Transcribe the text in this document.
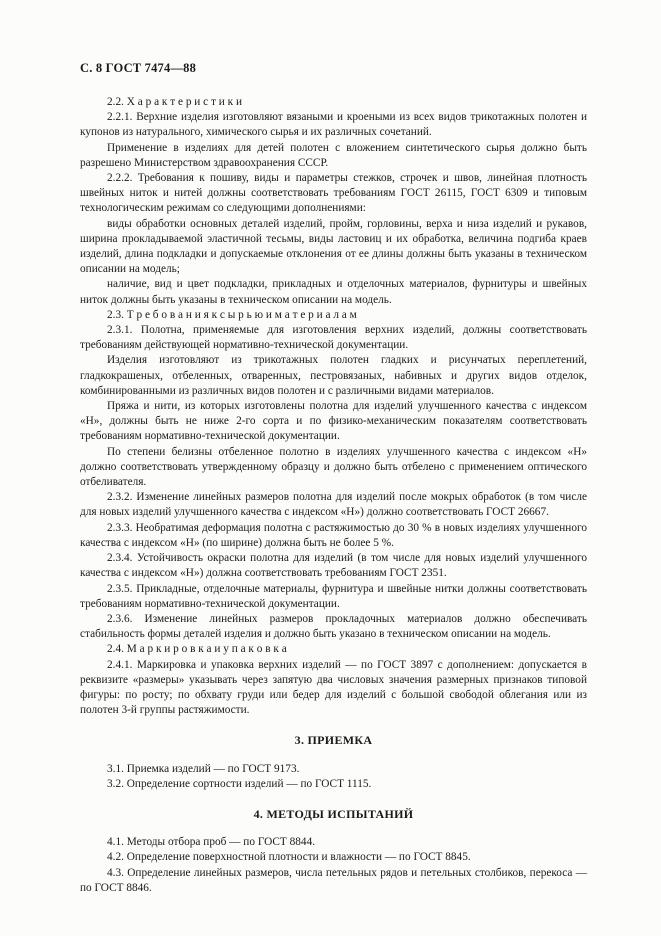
С. 8 ГОСТ 7474—88

2.2. Х а р а к т е р и с т и к и

2.2.1. Верхние изделия изготовляют вязаными и кроеными из всех видов трикотажных полотен и купонов из натурального, химического сырья и их различных сочетаний.

Применение в изделиях для детей полотен с вложением синтетического сырья должно быть разрешено Министерством здравоохранения СССР.

2.2.2. Требования к пошиву, виды и параметры стежков, строчек и швов, линейная плотность швейных ниток и нитей должны соответствовать требованиям ГОСТ 26115, ГОСТ 6309 и типовым технологическим режимам со следующими дополнениями:

виды обработки основных деталей изделий, пройм, горловины, верха и низа изделий и рукавов, ширина прокладываемой эластичной тесьмы, виды ластовиц и их обработка, величина подгиба краев изделий, длина подкладки и допускаемые отклонения от ее длины должны быть указаны в техническом описании на модель;

наличие, вид и цвет подкладки, прикладных и отделочных материалов, фурнитуры и швейных ниток должны быть указаны в техническом описании на модель.

2.3. Т р е б о в а н и я к с ы р ь ю и м а т е р и а л а м

2.3.1. Полотна, применяемые для изготовления верхних изделий, должны соответствовать требованиям действующей нормативно-технической документации.

Изделия изготовляют из трикотажных полотен гладких и рисунчатых переплетений, гладкокрашеных, отбеленных, отваренных, пестровязаных, набивных и других видов отделок, комбинированными из различных видов полотен и с различными видами материалов.

Пряжа и нити, из которых изготовлены полотна для изделий улучшенного качества с индексом «Н», должны быть не ниже 2-го сорта и по физико-механическим показателям соответствовать требованиям нормативно-технической документации.

По степени белизны отбеленное полотно в изделиях улучшенного качества с индексом «Н» должно соответствовать утвержденному образцу и должно быть отбелено с применением оптического отбеливателя.

2.3.2. Изменение линейных размеров полотна для изделий после мокрых обработок (в том числе для новых изделий улучшенного качества с индексом «Н») должно соответствовать ГОСТ 26667.

2.3.3. Необратимая деформация полотна с растяжимостью до 30 % в новых изделиях улучшенного качества с индексом «Н» (по ширине) должна быть не более 5 %.

2.3.4. Устойчивость окраски полотна для изделий (в том числе для новых изделий улучшенного качества с индексом «Н») должна соответствовать требованиям ГОСТ 2351.

2.3.5. Прикладные, отделочные материалы, фурнитура и швейные нитки должны соответствовать требованиям нормативно-технической документации.

2.3.6. Изменение линейных размеров прокладочных материалов должно обеспечивать стабильность формы деталей изделия и должно быть указано в техническом описании на модель.

2.4. М а р к и р о в к а и у п а к о в к а

2.4.1. Маркировка и упаковка верхних изделий — по ГОСТ 3897 с дополнением: допускается в реквизите «размеры» указывать через запятую два числовых значения размерных признаков типовой фигуры: по росту; по обхвату груди или бедер для изделий с большой свободой облегания или из полотен 3-й группы растяжимости.

3. ПРИЕМКА

3.1. Приемка изделий — по ГОСТ 9173.

3.2. Определение сортности изделий — по ГОСТ 1115.

4. МЕТОДЫ ИСПЫТАНИЙ

4.1. Методы отбора проб — по ГОСТ 8844.

4.2. Определение поверхностной плотности и влажности — по ГОСТ 8845.

4.3. Определение линейных размеров, числа петельных рядов и петельных столбиков, перекоса — по ГОСТ 8846.
